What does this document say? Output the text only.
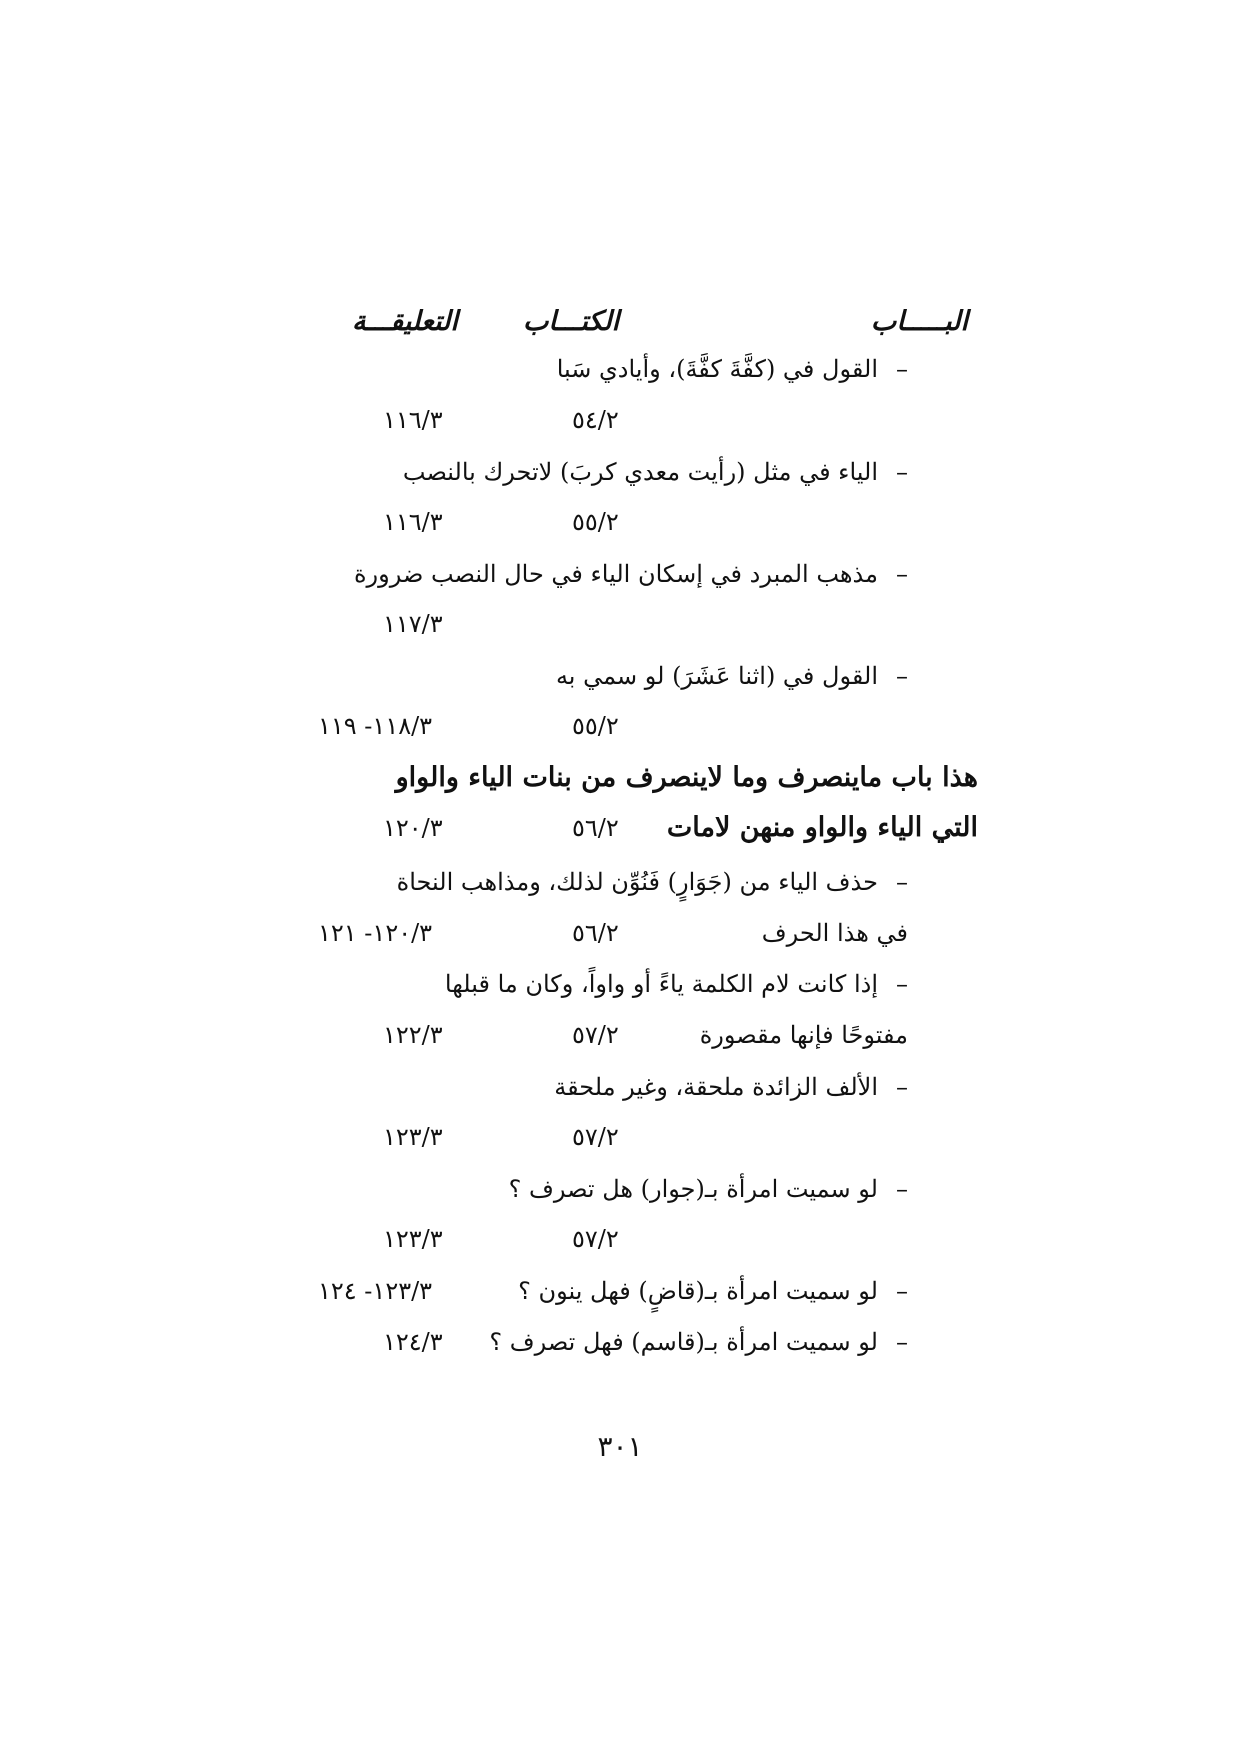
البـــــاب
الكتـــاب
التعليقـــة
–القول في (كفَّةَ كفَّةَ)، وأيادي سَبا
٥٤/٢
١١٦/٣
–الياء في مثل (رأيت معدي كربَ) لاتحرك بالنصب
٥٥/٢
١١٦/٣
–مذهب المبرد في إسكان الياء في حال النصب ضرورة
١١٧/٣
–القول في (اثنا عَشَرَ) لو سمي به
٥٥/٢
١١٨/٣- ١١٩
هذا باب ماينصرف وما لاينصرف من بنات الياء والواو
التي الياء والواو منهن لامات
٥٦/٢
١٢٠/٣
–حذف الياء من (جَوَارٍ) فَنُوِّن لذلك، ومذاهب النحاة
في هذا الحرف
٥٦/٢
١٢٠/٣- ١٢١
–إذا كانت لام الكلمة ياءً أو واواً، وكان ما قبلها
مفتوحًا فإنها مقصورة
٥٧/٢
١٢٢/٣
–الألف الزائدة ملحقة، وغير ملحقة
٥٧/٢
١٢٣/٣
–لو سميت امرأة بـ(جوار) هل تصرف ؟
٥٧/٢
١٢٣/٣
–لو سميت امرأة بـ(قاضٍ) فهل ينون ؟
١٢٣/٣- ١٢٤
–لو سميت امرأة بـ(قاسم) فهل تصرف ؟
١٢٤/٣
٣٠١
